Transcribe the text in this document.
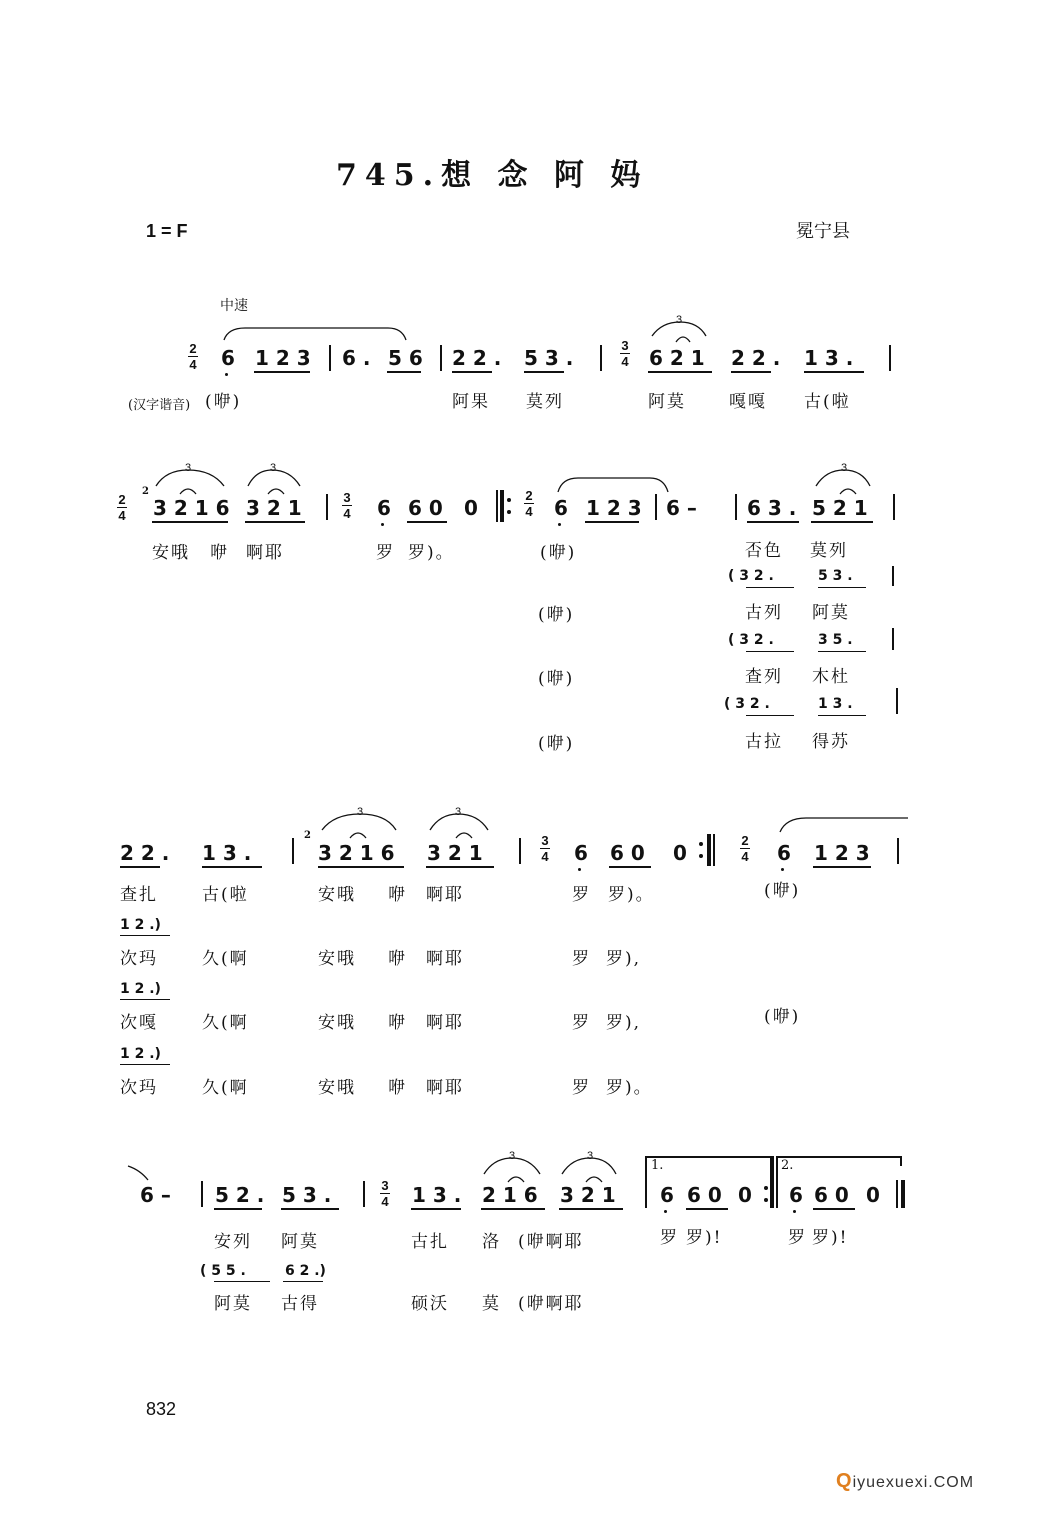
745.想 念 阿 妈
1 = F	冕宁县
中速
2
4 6 1 2 3 6 . 5 6 2 2 . 5 3 .
3
4 6 2 1 2 2 . 1 3 .
(汉字谐音) (咿)	阿果 莫列	阿莫	嘎嘎 古(啦
2
4
2
3 2 1 6 3 2 1	3
4 6 6 0 0
2
4 6 1 2 3 6 –	6 3 . 5 2 1
安哦 咿 啊耶	罗 罗)。	(咿)	否色 莫列
( 3 2 .	5 3 .
(咿)	古列 阿莫
( 3 2 .	3 5 .
(咿)	查列 木杜
( 3 2 .	1 3 .
(咿)	古拉 得苏
2 2 . 1 3 .
2
3 2 1 6 3 2 1
3
4 6 6 0 0
2
4 6 1 2 3
查扎	古(啦	安哦 咿 啊耶	罗 罗)。	(咿)
1 2 .)
次玛	久(啊	安哦 咿 啊耶	罗 罗),
1 2 .)
次嘎	久(啊	安哦 咿 啊耶	罗 罗),	(咿)
1 2 .)
次玛	久(啊	安哦 咿 啊耶	罗 罗)。
6 – 5 2 . 5 3 .	3
4 1 3 . 2 1 6 3 2 1
1.
6 6 0 0
2.
6 6 0 0
安列 阿莫	古扎 洛 (咿啊耶	罗 罗)!	罗 罗)!
( 5 5 .	6 2 .)
阿莫 古得	硕沃 莫 (咿啊耶
3
3	3	3
3	3
3	3
832
Qiyuexuexi.COM
